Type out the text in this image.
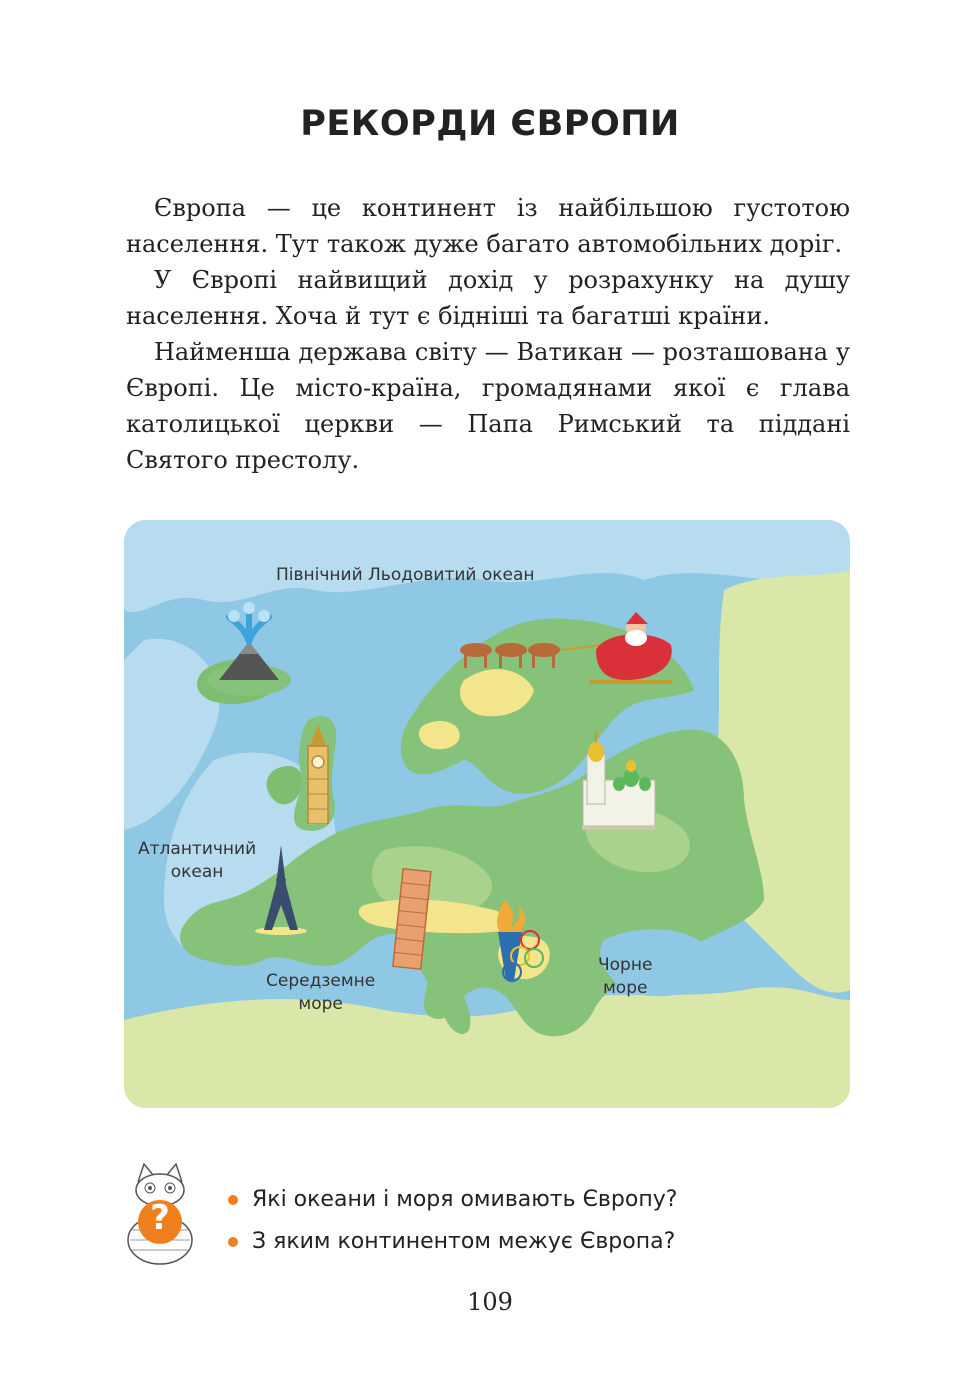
РЕКОРДИ ЄВРОПИ

Європа — це континент із найбільшою густотою населення. Тут також дуже багато автомобільних доріг.

У Європі найвищий дохід у розрахунку на душу населення. Хоча й тут є бідніші та багатші країни.

Найменша держава світу — Ватикан — розташована у Європі. Це місто-країна, громадянами якої є глава католицької церкви — Папа Римський та піддані Святого престолу.

Північний Льодовитий океан
Атлантичний
океан
Середземне
море
Чорне
море
?	Які океани і моря омивають Європу?
З яким континентом межує Європа?
109
